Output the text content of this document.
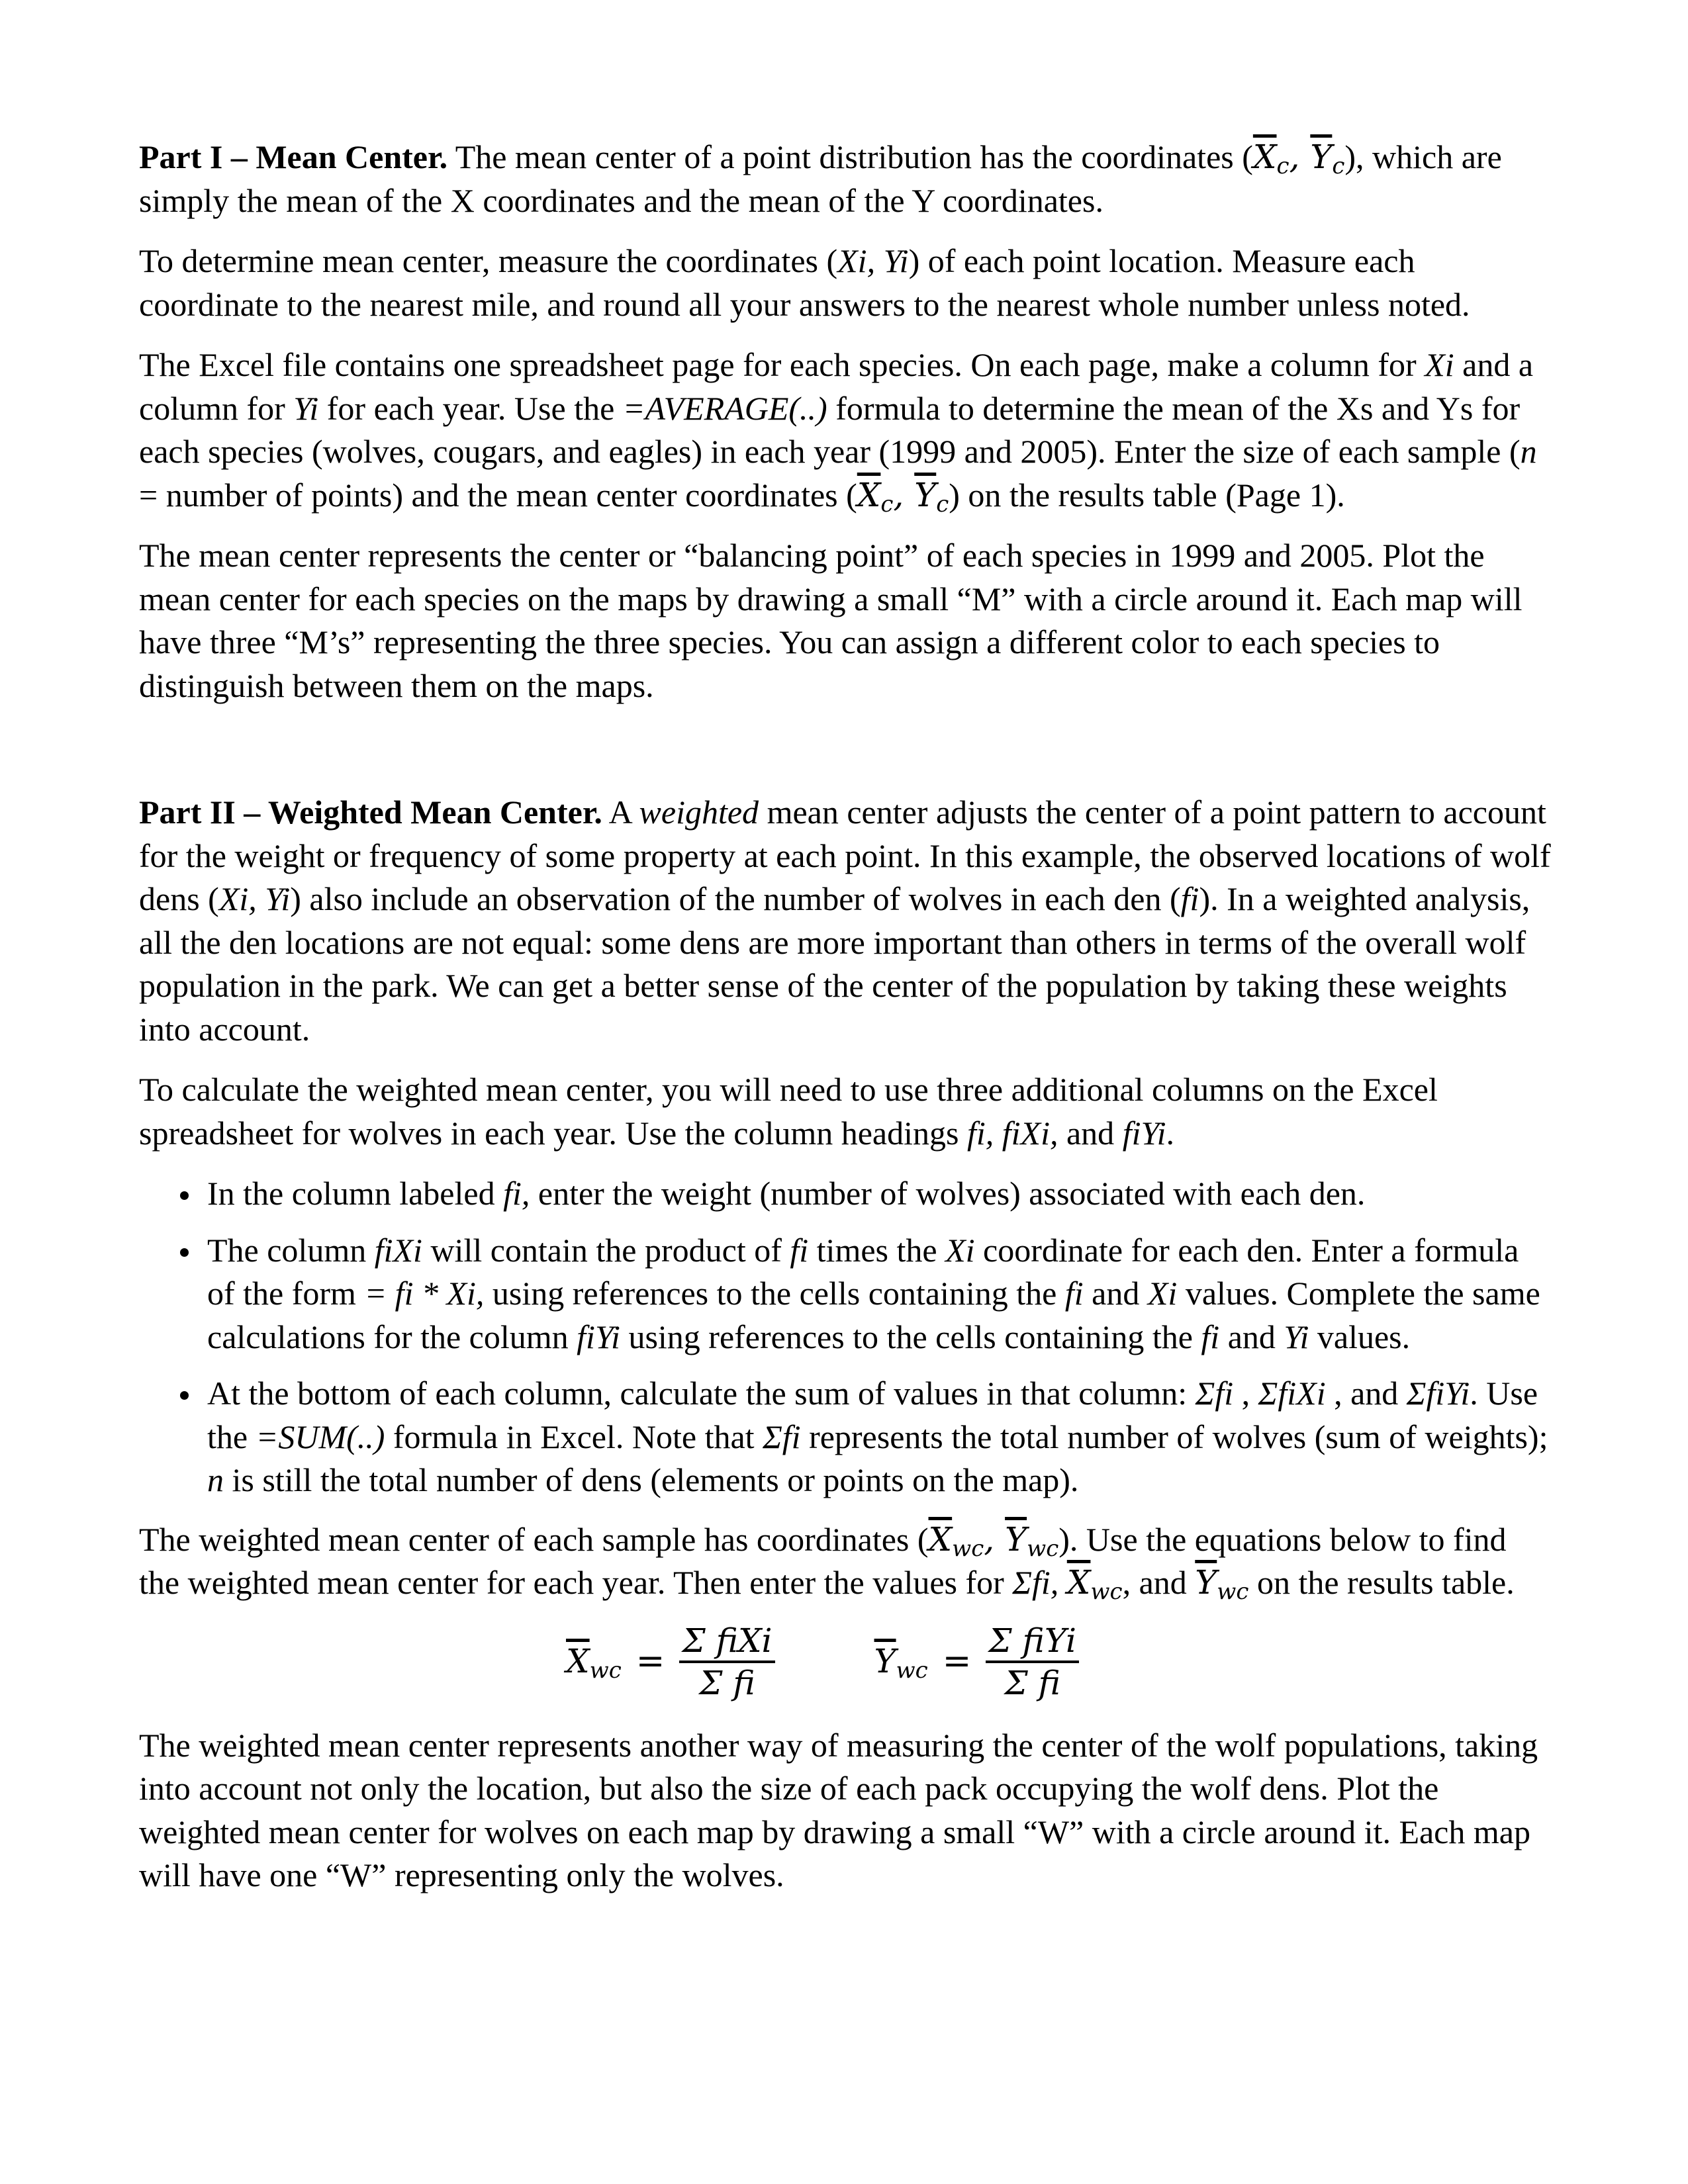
Part I – Mean Center. The mean center of a point distribution has the coordinates ($\overline{X}_c$, $\overline{Y}_c$), which are simply the mean of the X coordinates and the mean of the Y coordinates.

To determine mean center, measure the coordinates (Xi, Yi) of each point location. Measure each coordinate to the nearest mile, and round all your answers to the nearest whole number unless noted.

The Excel file contains one spreadsheet page for each species. On each page, make a column for Xi and a column for Yi for each year. Use the =AVERAGE(..) formula to determine the mean of the Xs and Ys for each species (wolves, cougars, and eagles) in each year (1999 and 2005). Enter the size of each sample (n = number of points) and the mean center coordinates ($\overline{X}_c$, $\overline{Y}_c$) on the results table (Page 1).

The mean center represents the center or “balancing point” of each species in 1999 and 2005. Plot the mean center for each species on the maps by drawing a small “M” with a circle around it. Each map will have three “M’s” representing the three species. You can assign a different color to each species to distinguish between them on the maps.

Part II – Weighted Mean Center. A weighted mean center adjusts the center of a point pattern to account for the weight or frequency of some property at each point. In this example, the observed locations of wolf dens (Xi, Yi) also include an observation of the number of wolves in each den (fi). In a weighted analysis, all the den locations are not equal: some dens are more important than others in terms of the overall wolf population in the park. We can get a better sense of the center of the population by taking these weights into account.

To calculate the weighted mean center, you will need to use three additional columns on the Excel spreadsheet for wolves in each year. Use the column headings fi, fiXi, and fiYi.

• In the column labeled fi, enter the weight (number of wolves) associated with each den.
• The column fiXi will contain the product of fi times the Xi coordinate for each den. Enter a formula of the form = fi * Xi, using references to the cells containing the fi and Xi values. Complete the same calculations for the column fiYi using references to the cells containing the fi and Yi values.
• At the bottom of each column, calculate the sum of values in that column: Σfi , ΣfiXi , and ΣfiYi. Use the =SUM(..) formula in Excel. Note that Σfi represents the total number of wolves (sum of weights); n is still the total number of dens (elements or points on the map).

The weighted mean center of each sample has coordinates ($\overline{X}_{wc}$, $\overline{Y}_{wc}$). Use the equations below to find the weighted mean center for each year. Then enter the values for Σfi, $\overline{X}_{wc}$, and $\overline{Y}_{wc}$ on the results table.

$\overline{X}_{wc} = \frac{\text{Σ fiXi}}{\text{Σ fi}}$	$\overline{Y}_{wc} = \frac{\text{Σ fiYi}}{\text{Σ fi}}$

The weighted mean center represents another way of measuring the center of the wolf populations, taking into account not only the location, but also the size of each pack occupying the wolf dens. Plot the weighted mean center for wolves on each map by drawing a small “W” with a circle around it. Each map will have one “W” representing only the wolves.
